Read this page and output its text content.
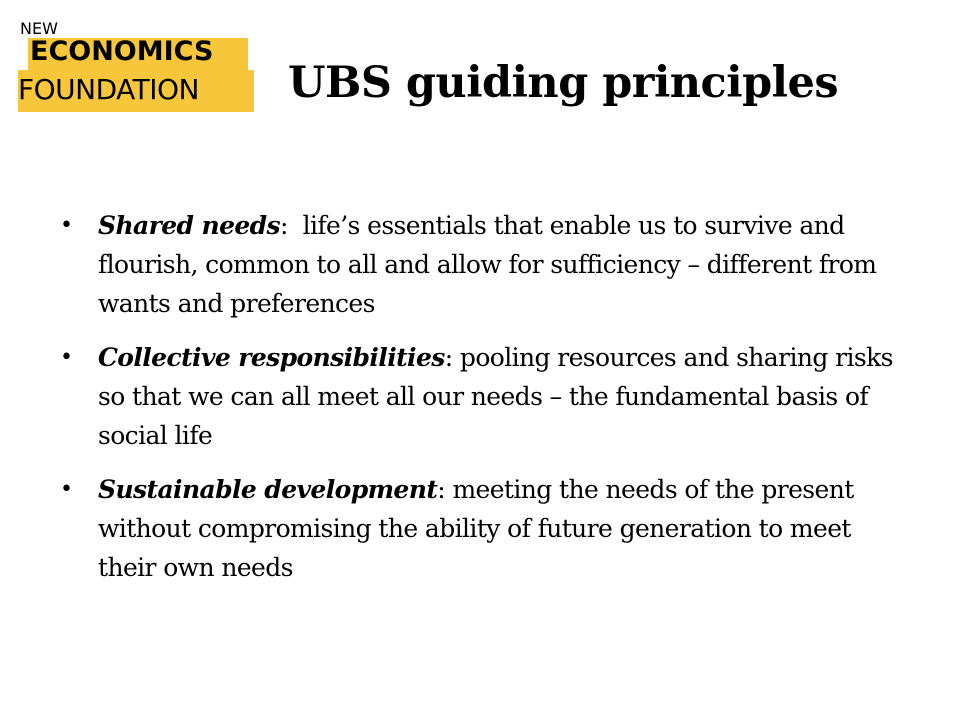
NEW
ECONOMICS
FOUNDATION UBS guiding principles
• Shared needs:  life’s essentials that enable us to survive and flourish, common to all and allow for sufficiency – different from wants and preferences
• Collective responsibilities: pooling resources and sharing risks so that we can all meet all our needs – the fundamental basis of social life
• Sustainable development: meeting the needs of the present without compromising the ability of future generation to meet their own needs
